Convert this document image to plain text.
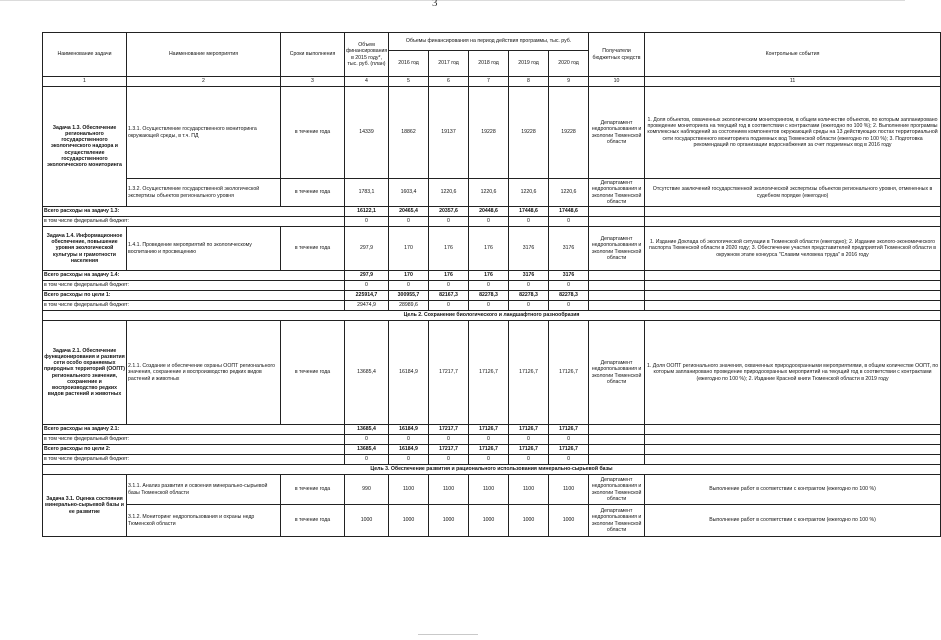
3
Наименование задачи	Наименование мероприятия	Сроки выполнения	Объем финансирования в 2015 году*, тыс. руб. (план)	Объемы финансирования на период действия программы, тыс. руб.					Получатели бюджетных средств	Контрольные события
				2016 год	2017 год	2018 год	2019 год	2020 год		
1	2	3	4	5	6	7	8	9	10	11
Задача 1.3. Обеспечение регионального государственного экологического надзора и осуществление государственного экологического мониторинга	1.3.1. Осуществление государственного мониторинга окружающей среды, в т.ч. ПД	в течение года	14339	18862	19137	19228	19228	19228	Департамент недропользования и экологии Тюменской области	1. Доля объектов, охваченных экологическим мониторингом, в общем количестве объектов, по которым запланировано проведение мониторинга на текущий год в соответствии с контрактами (ежегодно по 100 %); 2. Выполнение программы комплексных наблюдений за состоянием компонентов окружающей среды на 13 действующих постах территориальной сети государственного мониторинга подземных вод Тюменской области (ежегодно по 100 %); 3. Подготовка рекомендаций по организации водоснабжения за счет подземных вод в 2016 году
	1.3.2. Осуществление государственной экологической экспертизы объектов регионального уровня	в течение года	1783,1	1603,4	1220,6	1220,6	1220,6	1220,6	Департамент недропользования и экологии Тюменской области	Отсутствие заключений государственной экологической экспертизы объектов регионального уровня, отмененных в судебном порядке (ежегодно)
Всего расходы на задачу 1.3:			16122,1	20465,4	20357,6	20448,6	17448,6	17448,6		
в том числе федеральный бюджет:			0	0	0	0	0	0		
Задача 1.4. Информационное обеспечение, повышение уровня экологической культуры и грамотности населения	1.4.1. Проведение мероприятий по экологическому воспитанию и просвещению	в течение года	297,9	170	176	176	3176	3176	Департамент недропользования и экологии Тюменской области	1. Издание Доклада об экологической ситуации в Тюменской области (ежегодно); 2. Издание эколого-экономического паспорта Тюменской области в 2020 году; 3. Обеспечение участия представителей предприятий Тюменской области в окружном этапе конкурса "Славим человека труда" в 2016 году
Всего расходы на задачу 1.4:			297,9	170	176	176	3176	3176		
в том числе федеральный бюджет:			0	0	0	0	0	0		
Всего расходы по цели 1:			225914,7	300955,7	82167,3	82278,3	82278,3	82278,3		
в том числе федеральный бюджет:			29474,9	28989,6	0	0	0	0		
Цель 2. Сохранение биологического и ландшафтного разнообразия										
Задача 2.1. Обеспечение функционирования и развития сети особо охраняемых природных территорий (ООПТ) регионального значения, сохранение и воспроизводство редких видов растений и животных	2.1.1. Создание и обеспечение охраны ООПТ регионального значения, сохранение и воспроизводство редких видов растений и животных	в течение года	13685,4	16184,9	17217,7	17126,7	17126,7	17126,7	Департамент недропользования и экологии Тюменской области	1. Доля ООПТ регионального значения, охваченных природоохранными мероприятиями, в общем количестве ООПТ, по которым запланировано проведение природоохранных мероприятий на текущий год в соответствии с контрактами (ежегодно по 100 %); 2. Издание Красной книги Тюменской области в 2019 году
Всего расходы на задачу 2.1:			13685,4	16184,9	17217,7	17126,7	17126,7	17126,7		
в том числе федеральный бюджет:			0	0	0	0	0	0		
Всего расходы по цели 2:			13685,4	16184,9	17217,7	17126,7	17126,7	17126,7		
в том числе федеральный бюджет:			0	0	0	0	0	0		
Цель 3. Обеспечение развития и рационального использования минерально-сырьевой базы										
Задача 3.1. Оценка состояния минерально-сырьевой базы и ее развитие	3.1.1. Анализ развития и освоения минерально-сырьевой базы Тюменской области	в течение года	990	1100	1100	1100	1100	1100	Департамент недропользования и экологии Тюменской области	Выполнение работ в соответствии с контрактом (ежегодно по 100 %)
	3.1.2. Мониторинг недропользования и охраны недр Тюменской области	в течение года	1000	1000	1000	1000	1000	1000	Департамент недропользования и экологии Тюменской области	Выполнение работ в соответствии с контрактом (ежегодно по 100 %)
